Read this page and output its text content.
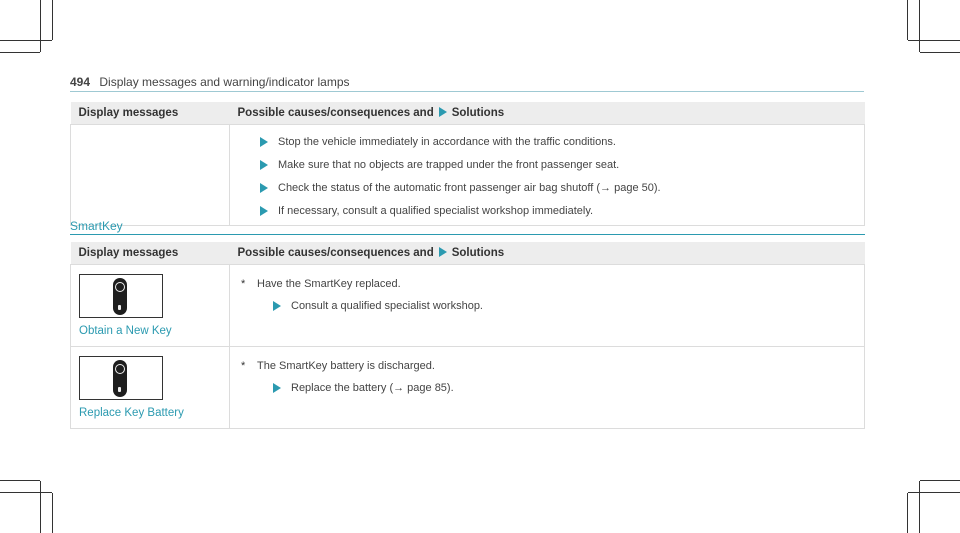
494 Display messages and warning/indicator lamps
Display messages	Possible causes/consequences and Solutions

	Stop the vehicle immediately in accordance with the traffic conditions.
Make sure that no objects are trapped under the front passenger seat.
Check the status of the automatic front passenger air bag shutoff (→ page 50).
If necessary, consult a qualified specialist workshop immediately.
SmartKey
Display messages	Possible causes/consequences and Solutions

Obtain a New Key	* Have the SmartKey replaced.
Consult a qualified specialist workshop.

Replace Key Battery	* The SmartKey battery is discharged.
Replace the battery (→ page 85).
